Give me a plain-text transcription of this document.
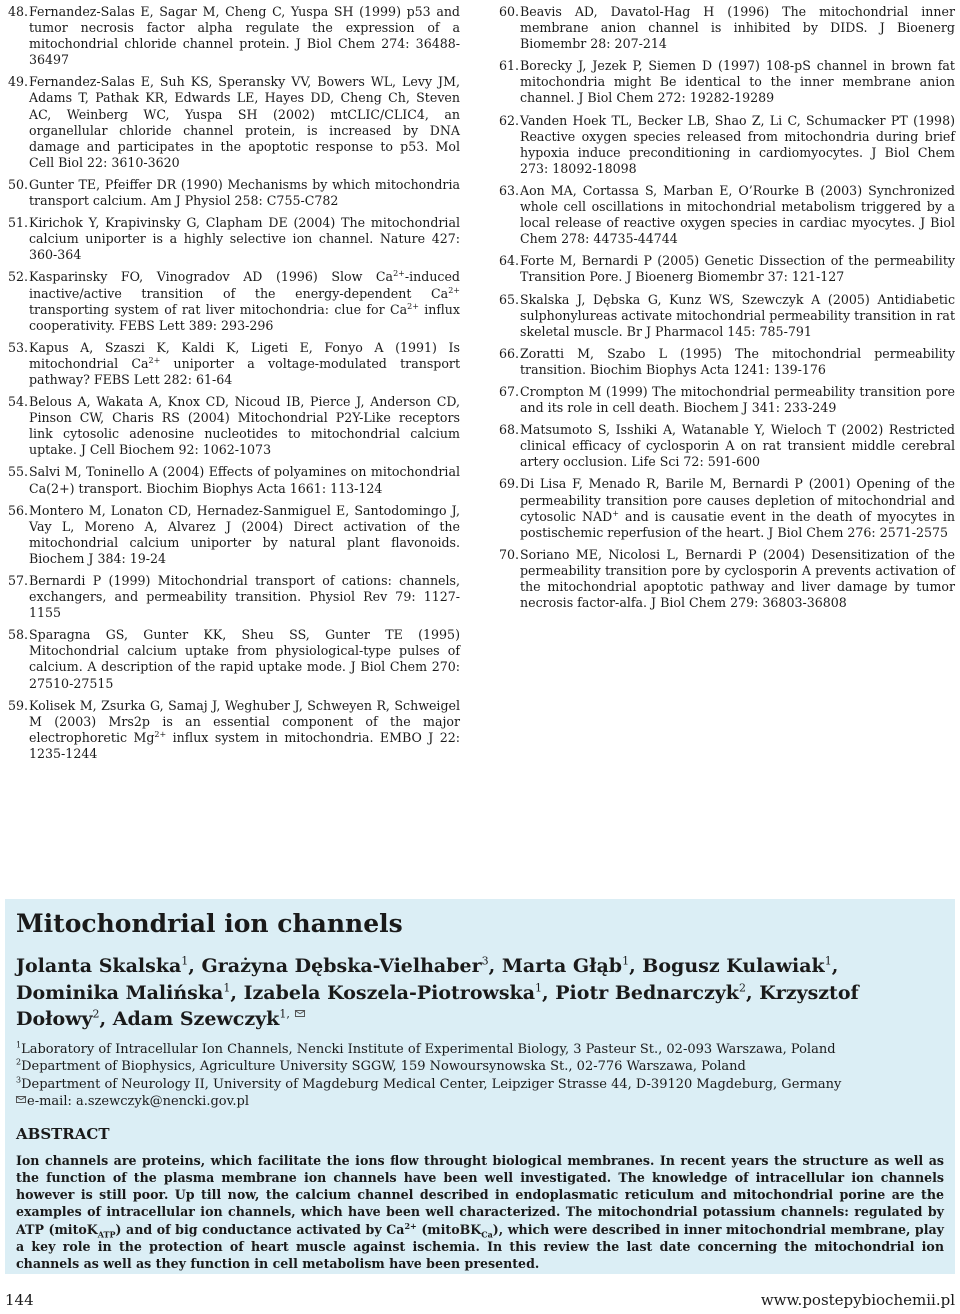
48. Fernandez-Salas E, Sagar M, Cheng C, Yuspa SH (1999) p53 and tumor necrosis factor alpha regulate the expression of a mitochondrial chloride channel protein. J Biol Chem 274: 36488-36497
49. Fernandez-Salas E, Suh KS, Speransky VV, Bowers WL, Levy JM, Adams T, Pathak KR, Edwards LE, Hayes DD, Cheng Ch, Steven AC, Weinberg WC, Yuspa SH (2002) mtCLIC/CLIC4, an organellular chloride channel protein, is increased by DNA damage and participates in the apoptotic response to p53. Mol Cell Biol 22: 3610-3620
50. Gunter TE, Pfeiffer DR (1990) Mechanisms by which mitochondria transport calcium. Am J Physiol 258: C755-C782
51. Kirichok Y, Krapivinsky G, Clapham DE (2004) The mitochondrial calcium uniporter is a highly selective ion channel. Nature 427: 360-364
52. Kasparinsky FO, Vinogradov AD (1996) Slow $Ca^{2+}$-induced inactive/active transition of the energy-dependent $Ca^{2+}$ transporting system of rat liver mitochondria: clue for $Ca^{2+}$ influx cooperativity. FEBS Lett 389: 293-296
53. Kapus A, Szaszi K, Kaldi K, Ligeti E, Fonyo A (1991) Is mitochondrial $Ca^{2+}$ uniporter a voltage-modulated transport pathway? FEBS Lett 282: 61-64
54. Belous A, Wakata A, Knox CD, Nicoud IB, Pierce J, Anderson CD, Pinson CW, Charis RS (2004) Mitochondrial P2Y-Like receptors link cytosolic adenosine nucleotides to mitochondrial calcium uptake. J Cell Biochem 92: 1062-1073
55. Salvi M, Toninello A (2004) Effects of polyamines on mitochondrial Ca(2+) transport. Biochim Biophys Acta 1661: 113-124
56. Montero M, Lonaton CD, Hernadez-Sanmiguel E, Santodomingo J, Vay L, Moreno A, Alvarez J (2004) Direct activation of the mitochondrial calcium uniporter by natural plant flavonoids. Biochem J 384: 19-24
57. Bernardi P (1999) Mitochondrial transport of cations: channels, exchangers, and permeability transition. Physiol Rev 79: 1127-1155
58. Sparagna GS, Gunter KK, Sheu SS, Gunter TE (1995) Mitochondrial calcium uptake from physiological-type pulses of calcium. A description of the rapid uptake mode. J Biol Chem 270: 27510-27515
59. Kolisek M, Zsurka G, Samaj J, Weghuber J, Schweyen R, Schweigel M (2003) Mrs2p is an essential component of the major electrophoretic $Mg^{2+}$ influx system in mitochondria. EMBO J 22: 1235-1244
60. Beavis AD, Davatol-Hag H (1996) The mitochondrial inner membrane anion channel is inhibited by DIDS. J Bioenerg Biomembr 28: 207-214
61. Borecky J, Jezek P, Siemen D (1997) 108-pS channel in brown fat mitochondria might Be identical to the inner membrane anion channel. J Biol Chem 272: 19282-19289
62. Vanden Hoek TL, Becker LB, Shao Z, Li C, Schumacker PT (1998) Reactive oxygen species released from mitochondria during brief hypoxia induce preconditioning in cardiomyocytes. J Biol Chem 273: 18092-18098
63. Aon MA, Cortassa S, Marban E, O’Rourke B (2003) Synchronized whole cell oscillations in mitochondrial metabolism triggered by a local release of reactive oxygen species in cardiac myocytes. J Biol Chem 278: 44735-44744
64. Forte M, Bernardi P (2005) Genetic Dissection of the permeability Transition Pore. J Bioenerg Biomembr 37: 121-127
65. Skalska J, Dębska G, Kunz WS, Szewczyk A (2005) Antidiabetic sulphonylureas activate mitochondrial permeability transition in rat skeletal muscle. Br J Pharmacol 145: 785-791
66. Zoratti M, Szabo L (1995) The mitochondrial permeability transition. Biochim Biophys Acta 1241: 139-176
67. Crompton M (1999) The mitochondrial permeability transition pore and its role in cell death. Biochem J 341: 233-249
68. Matsumoto S, Isshiki A, Watanable Y, Wieloch T (2002) Restricted clinical efficacy of cyclosporin A on rat transient middle cerebral artery occlusion. Life Sci 72: 591-600
69. Di Lisa F, Menado R, Barile M, Bernardi P (2001) Opening of the permeability transition pore causes depletion of mitochondrial and cytosolic NAD+ and is causatie event in the death of myocytes in postischemic reperfusion of the heart. J Biol Chem 276: 2571-2575
70. Soriano ME, Nicolosi L, Bernardi P (2004) Desensitization of the permeability transition pore by cyclosporin A prevents activation of the mitochondrial apoptotic pathway and liver damage by tumor necrosis factor-alfa. J Biol Chem 279: 36803-36808
Mitochondrial ion channels
Jolanta Skalska$^1$, Grażyna Dębska-Vielhaber$^3$, Marta Głąb$^1$, Bogusz Kulawiak$^1$, Dominika Malińska$^1$, Izabela Koszela-Piotrowska$^1$, Piotr Bednarczyk$^2$, Krzysztof Dołowy$^2$, Adam Szewczyk$^{1,}$
$^1$Laboratory of Intracellular Ion Channels, Nencki Institute of Experimental Biology, 3 Pasteur St., 02-093 Warszawa, Poland
$^2$Department of Biophysics, Agriculture University SGGW, 159 Nowoursynowska St., 02-776 Warszawa, Poland
$^3$Department of Neurology II, University of Magdeburg Medical Center, Leipziger Strasse 44, D-39120 Magdeburg, Germany
e-mail: a.szewczyk@nencki.gov.pl
ABSTRACT
Ion channels are proteins, which facilitate the ions flow throught biological membranes. In recent years the structure as well as the function of the plasma membrane ion channels have been well investigated. The knowledge of intracellular ion channels however is still poor. Up till now, the calcium channel described in endoplasmatic reticulum and mitochondrial porine are the examples of intracellular ion channels, which have been well characterized. The mitochondrial potassium channels: regulated by ATP (mitoK$_{ATP}$) and of big conductance activated by $Ca^{2+}$ (mitoBK$_{Ca}$), which were described in inner mitochondrial membrane, play a key role in the protection of heart muscle against ischemia. In this review the last date concerning the mitochondrial ion channels as well as they function in cell metabolism have been presented.
144	www.postepybiochemii.pl
